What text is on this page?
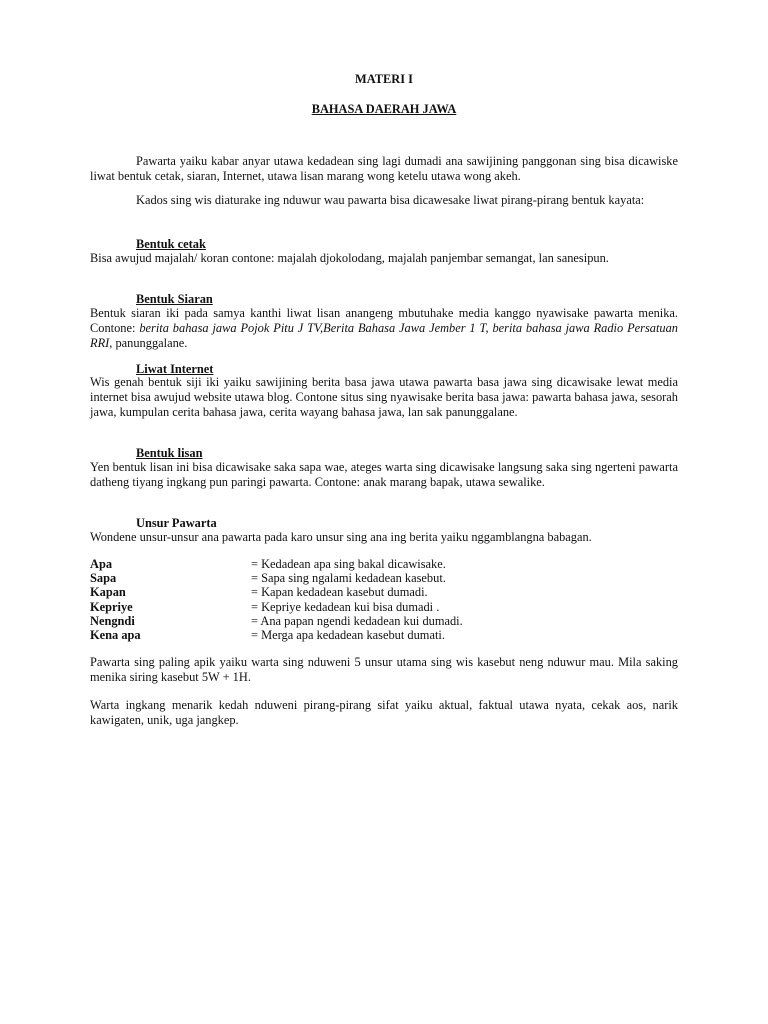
MATERI I
BAHASA DAERAH JAWA

Pawarta yaiku kabar anyar utawa kedadean sing lagi dumadi ana sawijining panggonan sing bisa dicawiske liwat bentuk cetak, siaran, Internet, utawa lisan marang wong ketelu utawa wong akeh.

Kados sing wis diaturake ing nduwur wau pawarta bisa dicawesake liwat pirang-pirang bentuk kayata:

Bentuk cetak

Bisa awujud majalah/ koran contone: majalah djokolodang, majalah panjembar semangat, lan sanesipun.

Bentuk Siaran

Bentuk siaran iki pada samya kanthi liwat lisan anangeng mbutuhake media kanggo nyawisake pawarta menika. Contone: berita bahasa jawa Pojok Pitu J TV,Berita Bahasa Jawa Jember 1 T, berita bahasa jawa Radio Persatuan RRI, panunggalane.

Liwat Internet

Wis genah bentuk siji iki yaiku sawijining berita basa jawa utawa pawarta basa jawa sing dicawisake lewat media internet bisa awujud website utawa blog. Contone situs sing nyawisake berita basa jawa: pawarta bahasa jawa, sesorah jawa, kumpulan cerita bahasa jawa, cerita wayang bahasa jawa, lan sak panunggalane.

Bentuk lisan

Yen bentuk lisan ini bisa dicawisake saka sapa wae, ateges warta sing dicawisake langsung saka sing ngerteni pawarta datheng tiyang ingkang pun paringi pawarta. Contone: anak marang bapak, utawa sewalike.

Unsur Pawarta

Wondene unsur-unsur ana pawarta pada karo unsur sing ana ing berita yaiku nggamblangna babagan.

Apa	= Kedadean apa sing bakal dicawisake.
Sapa	= Sapa sing ngalami kedadean kasebut.
Kapan	= Kapan kedadean kasebut dumadi.
Kepriye	= Kepriye kedadean kui bisa dumadi .
Nengndi	= Ana papan ngendi kedadean kui dumadi.
Kena apa	= Merga apa kedadean kasebut dumati.

Pawarta sing paling apik yaiku warta sing nduweni 5 unsur utama sing wis kasebut neng nduwur mau. Mila saking menika siring kasebut 5W + 1H.

Warta ingkang menarik kedah nduweni pirang-pirang sifat yaiku aktual, faktual utawa nyata, cekak aos, narik kawigaten, unik, uga jangkep.
